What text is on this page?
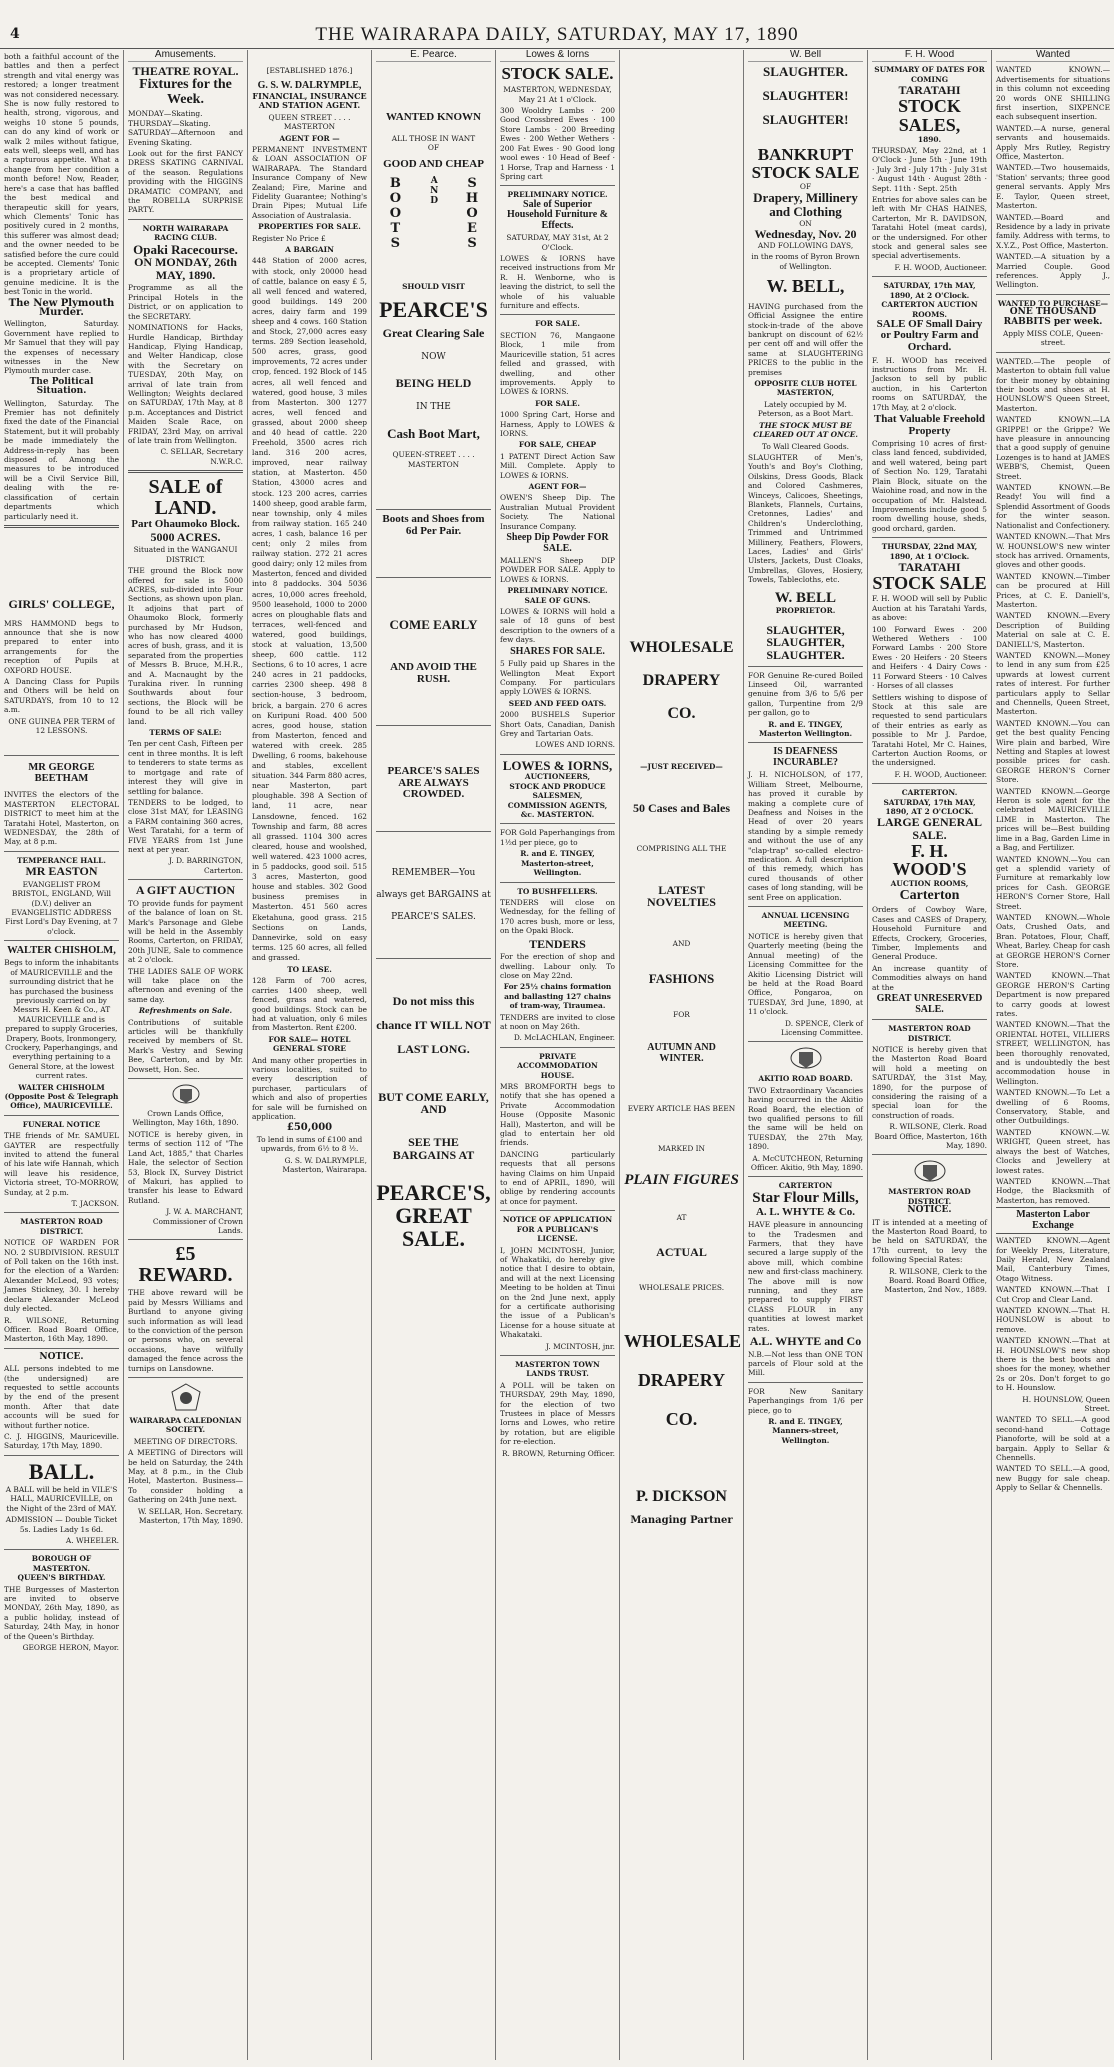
4	THE WAIRARAPA DAILY, SATURDAY, MAY 17, 1890

both a faithful account of the battles and then a perfect strength and vital energy was restored; a longer treatment was not considered necessary. She is now fully restored to health, strong, vigorous, and weighs 10 stone 5 pounds, can do any kind of work or walk 2 miles without fatigue, eats well, sleeps well, and has a rapturous appetite. What a change from her condition a month before! Now, Reader, here's a case that has baffled the best medical and therapeutic skill for years, which Clements' Tonic has positively cured in 2 months, this sufferer was almost dead; and the owner needed to be satisfied before the cure could be accepted. Clements' Tonic is a proprietary article of genuine medicine. It is the best Tonic in the world.

The New Plymouth Murder.

Wellington, Saturday. Government have replied to Mr Samuel that they will pay the expenses of necessary witnesses in the New Plymouth murder case.

The Political Situation.

Wellington, Saturday. The Premier has not definitely fixed the date of the Financial Statement, but it will probably be made immediately the Address-in-reply has been disposed of. Among the measures to be introduced will be a Civil Service Bill, dealing with the re-classification of certain departments which particularly need it.

GIRLS' COLLEGE,

MRS HAMMOND begs to announce that she is now prepared to enter into arrangements for the reception of Pupils at OXFORD HOUSE.

A Dancing Class for Pupils and Others will be held on SATURDAYS, from 10 to 12 a.m.

ONE GUINEA PER TERM of 12 LESSONS.

MR GEORGE BEETHAM

INVITES the electors of the MASTERTON ELECTORAL DISTRICT to meet him at the Taratahi Hotel, Masterton, on WEDNESDAY, the 28th of May, at 8 p.m.

TEMPERANCE HALL.
MR EASTON

EVANGELIST FROM BRISTOL, ENGLAND, Will (D.V.) deliver an EVANGELISTIC ADDRESS First Lord's Day Evening, at 7 o'clock.

WALTER CHISHOLM,

Begs to inform the inhabitants of MAURICEVILLE and the surrounding district that he has purchased the business previously carried on by Messrs H. Keen & Co., AT MAURICEVILLE and is prepared to supply Groceries, Drapery, Boots, Ironmongery, Crockery, Paperhangings, and everything pertaining to a General Store, at the lowest current rates.

WALTER CHISHOLM (Opposite Post & Telegraph Office), MAURICEVILLE.

FUNERAL NOTICE

THE friends of Mr. SAMUEL GAYTER are respectfully invited to attend the funeral of his late wife Hannah, which will leave his residence, Victoria street, TO-MORROW, Sunday, at 2 p.m.

T. JACKSON.

MASTERTON ROAD DISTRICT.

NOTICE OF WARDEN FOR NO. 2 SUBDIVISION. RESULT of Poll taken on the 16th inst. for the election of a Warden: Alexander McLeod, 93 votes; James Stickney, 30. I hereby declare Alexander McLeod duly elected.

R. WILSONE, Returning Officer. Road Board Office, Masterton, 16th May, 1890.

NOTICE.

ALL persons indebted to me (the undersigned) are requested to settle accounts by the end of the present month. After that date accounts will be sued for without further notice.

C. J. HIGGINS, Mauriceville. Saturday, 17th May, 1890.

BALL.

A BALL will be held in VILE'S HALL, MAURICEVILLE, on the Night of the 23rd of MAY.

ADMISSION — Double Ticket 5s. Ladies Lady 1s 6d.

A. WHEELER.

BOROUGH OF MASTERTON.
QUEEN'S BIRTHDAY.

THE Burgesses of Masterton are invited to observe MONDAY, 26th May, 1890, as a public holiday, instead of Saturday, 24th May, in honor of the Queen's Birthday.

GEORGE HERON, Mayor.

Amusements.
THEATRE ROYAL.
Fixtures for the Week.

MONDAY—Skating. THURSDAY—Skating. SATURDAY—Afternoon and Evening Skating.

Look out for the first FANCY DRESS SKATING CARNIVAL of the season. Regulations providing with the HIGGINS DRAMATIC COMPANY, and the ROBELLA SURPRISE PARTY.

NORTH WAIRARAPA RACING CLUB.
Opaki Racecourse.
ON MONDAY, 26th MAY, 1890.

Programme as all the Principal Hotels in the District, or on application to the SECRETARY.

NOMINATIONS for Hacks, Hurdle Handicap, Birthday Handicap, Flying Handicap, and Welter Handicap, close with the Secretary on TUESDAY, 20th May, on arrival of late train from Wellington; Weights declared on SATURDAY, 17th May, at 8 p.m. Acceptances and District Maiden Scale Race, on FRIDAY, 23rd May, on arrival of late train from Wellington.

C. SELLAR, Secretary N.W.R.C.

SALE of LAND.
Part Ohaumoko Block.
5000 ACRES.

Situated in the WANGANUI DISTRICT.

THE ground the Block now offered for sale is 5000 ACRES, sub-divided into Four Sections, as shown upon plan. It adjoins that part of Ohaumoko Block, formerly purchased by Mr Hudson, who has now cleared 4000 acres of bush, grass, and it is separated from the properties of Messrs B. Bruce, M.H.R., and A. Macnaught by the Turakina river. In running Southwards about four sections, the Block will be found to be all rich valley land.

TERMS OF SALE:

Ten per cent Cash, Fifteen per cent in three months. It is left to tenderers to state terms as to mortgage and rate of interest they will give in settling for balance.

TENDERS to be lodged, to close 31st MAY, for LEASING a FARM containing 360 acres, West Taratahi, for a term of FIVE YEARS from 1st June next at per year.

J. D. BARRINGTON, Carterton.

A GIFT AUCTION

TO provide funds for payment of the balance of loan on St. Mark's Parsonage and Glebe will be held in the Assembly Rooms, Carterton, on FRIDAY, 20th JUNE, Sale to commence at 2 o'clock.

THE LADIES SALE OF WORK will take place on the afternoon and evening of the same day.

Refreshments on Sale.

Contributions of suitable articles will be thankfully received by members of St. Mark's Vestry and Sewing Bee, Carterton, and by Mr. Dowsett, Hon. Sec.

Crown Lands Office, Wellington, May 16th, 1890.

NOTICE is hereby given, in terms of section 112 of "The Land Act, 1885," that Charles Hale, the selector of Section 53, Block IX, Survey District of Makuri, has applied to transfer his lease to Edward Rutland.

J. W. A. MARCHANT, Commissioner of Crown Lands.

£5 REWARD.

THE above reward will be paid by Messrs Williams and Burtland to anyone giving such information as will lead to the conviction of the person or persons who, on several occasions, have wilfully damaged the fence across the turnips on Lansdowne.

WAIRARAPA CALEDONIAN SOCIETY.

MEETING OF DIRECTORS.

A MEETING of Directors will be held on Saturday, the 24th May, at 8 p.m., in the Club Hotel, Masterton. Business—To consider holding a Gathering on 24th June next.

W. SELLAR, Hon. Secretary. Masterton, 17th May, 1890.

[ESTABLISHED 1876.]
G. S. W. DALRYMPLE,
FINANCIAL, INSURANCE AND STATION AGENT.

QUEEN STREET . . . . MASTERTON

AGENT FOR —

PERMANENT INVESTMENT & LOAN ASSOCIATION OF WAIRARAPA. The Standard Insurance Company of New Zealand; Fire, Marine and Fidelity Guarantee; Nothing's Drain Pipes; Mutual Life Association of Australasia.

PROPERTIES FOR SALE.

Register No Price £

A BARGAIN

448 Station of 2000 acres, with stock, only 20000 head of cattle, balance on easy £ 5, all well fenced and watered, good buildings. 149 200 acres, dairy farm and 199 sheep and 4 cows. 160 Station and Stock, 27,000 acres easy terms. 289 Section leasehold, 500 acres, grass, good improvements, 72 acres under crop, fenced. 192 Block of 145 acres, all well fenced and watered, good house, 3 miles from Masterton. 300 1277 acres, well fenced and grassed, about 2000 sheep and 40 head of cattle. 220 Freehold, 3500 acres rich land. 316 200 acres, improved, near railway station, at Masterton. 450 Station, 43000 acres and stock. 123 200 acres, carries 1400 sheep, good arable farm, near township, only 4 miles from railway station. 165 240 acres, 1 cash, balance 16 per cent; only 2 miles from railway station. 272 21 acres good dairy; only 12 miles from Masterton, fenced and divided into 8 paddocks. 304 5036 acres, 10,000 acres freehold, 9500 leasehold, 1000 to 2000 acres on ploughable flats and terraces, well-fenced and watered, good buildings, stock at valuation, 13,500 sheep, 600 cattle. 112 Sections, 6 to 10 acres, 1 acre 240 acres in 21 paddocks, carries 2300 sheep. 498 8 section-house, 3 bedroom, brick, a bargain. 270 6 acres on Kuripuni Road. 400 500 acres, good house, station from Masterton, fenced and watered with creek. 285 Dwelling, 6 rooms, bakehouse and stables, excellent situation. 344 Farm 880 acres, near Masterton, part ploughable. 398 A Section of land, 11 acre, near Lansdowne, fenced. 162 Township and farm, 88 acres all grassed. 1104 300 acres cleared, house and woolshed, well watered. 423 1000 acres, in 5 paddocks, good soil. 515 3 acres, Masterton, good house and stables. 302 Good business premises in Masterton. 451 560 acres Eketahuna, good grass. 215 Sections on Lands, Dannevirke, sold on easy terms. 125 60 acres, all felled and grassed.

TO LEASE.

128 Farm of 700 acres, carries 1400 sheep, well fenced, grass and watered, good buildings. Stock can be had at valuation, only 6 miles from Masterton. Rent £200.

FOR SALE— HOTEL GENERAL STORE

And many other properties in various localities, suited to every description of purchaser, particulars of which and also of properties for sale will be furnished on application.

£50,000

To lend in sums of £100 and upwards, from 6½ to 8 ½.

G. S. W. DALRYMPLE, Masterton, Wairarapa.

E. Pearce.
WANTED KNOWN
ALL THOSE IN WANT
OF
GOOD AND CHEAP
BOOTS	AND SHOES
SHOULD VISIT
PEARCE'S
Great Clearing Sale
NOW
BEING HELD
IN THE
Cash Boot Mart,

QUEEN-STREET . . . . MASTERTON

Boots and Shoes from 6d Per Pair.
COME EARLY
AND AVOID THE RUSH.
PEARCE'S SALES ARE ALWAYS CROWDED.
REMEMBER—You always get BARGAINS at PEARCE'S SALES.
Do not miss this chance IT WILL NOT LAST LONG.
BUT COME EARLY, AND
SEE THE BARGAINS AT
PEARCE'S, GREAT SALE.
Lowes & Iorns
STOCK SALE.

MASTERTON, WEDNESDAY, May 21 At 1 o'Clock.

300 Wooldry Lambs · 200 Good Crossbred Ewes · 100 Store Lambs · 200 Breeding Ewes · 200 Wether Wethers · 200 Fat Ewes · 90 Good long wool ewes · 10 Head of Beef · 1 Horse, Trap and Harness · 1 Spring cart

PRELIMINARY NOTICE.
Sale of Superior Household Furniture & Effects.

SATURDAY, MAY 31st, At 2 O'Clock.

LOWES & IORNS have received instructions from Mr R. H. Wenborne, who is leaving the district, to sell the whole of his valuable furniture and effects.

FOR SALE.

SECTION 76, Mangaone Block, 1 mile from Mauriceville station, 51 acres felled and grassed, with dwelling, and other improvements. Apply to LOWES & IORNS.

FOR SALE.

1000 Spring Cart, Horse and Harness, Apply to LOWES & IORNS.

FOR SALE, CHEAP

1 PATENT Direct Action Saw Mill. Complete. Apply to LOWES & IORNS.

AGENT FOR—

OWEN'S Sheep Dip. The Australian Mutual Provident Society. The National Insurance Company.

Sheep Dip Powder FOR SALE.

MALLEN'S Sheep DIP POWDER FOR SALE. Apply to LOWES & IORNS.

PRELIMINARY NOTICE.
SALE OF GUNS.

LOWES & IORNS will hold a sale of 18 guns of best description to the owners of a few days.

SHARES FOR SALE.

5 Fully paid up Shares in the Wellington Meat Export Company. For particulars apply LOWES & IORNS.

SEED AND FEED OATS.

2000 BUSHELS Superior Short Oats, Canadian, Danish Grey and Tartarian Oats.

LOWES AND IORNS.

LOWES & IORNS,
AUCTIONEERS,
STOCK AND PRODUCE SALESMEN,
COMMISSION AGENTS, &c. MASTERTON.

FOR Gold Paperhangings from 1½d per piece, go to

R. and E. TINGEY, Masterton-street, Wellington.

TO BUSHFELLERS.

TENDERS will close on Wednesday, for the felling of 170 acres bush, more or less, on the Opaki Block.

TENDERS

For the erection of shop and dwelling. Labour only. To close on May 22nd.

For 25½ chains formation and ballasting 127 chains of tram-way, Tiraumea.

TENDERS are invited to close at noon on May 26th.

D. McLACHLAN, Engineer.

PRIVATE ACCOMMODATION HOUSE.

MRS BROMFORTH begs to notify that she has opened a Private Accommodation House (Opposite Masonic Hall), Masterton, and will be glad to entertain her old friends.

DANCING particularly requests that all persons having Claims on him Unpaid to end of APRIL, 1890, will oblige by rendering accounts at once for payment.

NOTICE OF APPLICATION FOR A PUBLICAN'S LICENSE.

I, JOHN MCINTOSH, Junior, of Whakatiki, do hereby give notice that I desire to obtain, and will at the next Licensing Meeting to be holden at Tinui on the 2nd June next, apply for a certificate authorising the issue of a Publican's License for a house situate at Whakataki.

J. MCINTOSH, jnr.

MASTERTON TOWN LANDS TRUST.

A POLL will be taken on THURSDAY, 29th May, 1890, for the election of two Trustees in place of Messrs Iorns and Lowes, who retire by rotation, but are eligible for re-election.

R. BROWN, Returning Officer.

WHOLESALE
DRAPERY
CO.
—JUST RECEIVED—
50 Cases and Bales
COMPRISING ALL THE
LATEST NOVELTIES
AND
FASHIONS
FOR
AUTUMN AND WINTER.
EVERY ARTICLE HAS BEEN
MARKED IN
PLAIN FIGURES
AT
ACTUAL
WHOLESALE PRICES.
WHOLESALE
DRAPERY
CO.
P. DICKSON
Managing Partner
W. Bell
SLAUGHTER.
SLAUGHTER!
SLAUGHTER!
BANKRUPT STOCK SALE
OF
Drapery, Millinery and Clothing
ON
Wednesday, Nov. 20
AND FOLLOWING DAYS,

in the rooms of Byron Brown of Wellington.

W. BELL,

HAVING purchased from the Official Assignee the entire stock-in-trade of the above bankrupt on discount of 62½ per cent off and will offer the same at SLAUGHTERING PRICES to the public in the premises

OPPOSITE CLUB HOTEL MASTERTON,

Lately occupied by M. Peterson, as a Boot Mart.

THE STOCK MUST BE CLEARED OUT AT ONCE.

To Wall Cleared Goods.

SLAUGHTER of Men's, Youth's and Boy's Clothing, Oilskins, Dress Goods, Black and Colored Cashmeres, Winceys, Calicoes, Sheetings, Blankets, Flannels, Curtains, Cretonnes, Ladies' and Children's Underclothing, Trimmed and Untrimmed Millinery, Feathers, Flowers, Laces, Ladies' and Girls' Ulsters, Jackets, Dust Cloaks, Umbrellas, Gloves, Hosiery, Towels, Tablecloths, etc.

W. BELL
PROPRIETOR.
SLAUGHTER,
SLAUGHTER,
SLAUGHTER.

FOR Genuine Re-cured Boiled Linseed Oil, warranted genuine from 3/6 to 5/6 per gallon, Turpentine from 2/9 per gallon, go to

R. and E. TINGEY, Masterton Wellington.

IS DEAFNESS INCURABLE?

J. H. NICHOLSON, of 177, William Street, Melbourne, has proved it curable by making a complete cure of Deafness and Noises in the Head of over 20 years standing by a simple remedy and without the use of any "clap-trap" so-called electro-medication. A full description of this remedy, which has cured thousands of other cases of long standing, will be sent Free on application.

ANNUAL LICENSING MEETING.

NOTICE is hereby given that Quarterly meeting (being the Annual meeting) of the Licensing Committee for the Akitio Licensing District will be held at the Road Board Office, Pongaroa, on TUESDAY, 3rd June, 1890, at 11 o'clock.

D. SPENCE, Clerk of Licensing Committee.

AKITIO ROAD BOARD.

TWO Extraordinary Vacancies having occurred in the Akitio Road Board, the election of two qualified persons to fill the same will be held on TUESDAY, the 27th May, 1890.

A. McCUTCHEON, Returning Officer. Akitio, 9th May, 1890.

CARTERTON
Star Flour Mills,
A. L. WHYTE & Co.

HAVE pleasure in announcing to the Tradesmen and Farmers, that they have secured a large supply of the above mill, which combine new and first-class machinery. The above mill is now running, and they are prepared to supply FIRST CLASS FLOUR in any quantities at lowest market rates.

A.L. WHYTE and Co

N.B.—Not less than ONE TON parcels of Flour sold at the Mill.

FOR New Sanitary Paperhangings from 1/6 per piece, go to

R. and E. TINGEY, Manners-street, Wellington.

F. H. Wood
SUMMARY OF DATES FOR COMING
TARATAHI
STOCK SALES,
1890.

THURSDAY, May 22nd, at 1 O'Clock · June 5th · June 19th · July 3rd · July 17th · July 31st · August 14th · August 28th · Sept. 11th · Sept. 25th

Entries for above sales can be left with Mr CHAS HAINES, Carterton, Mr R. DAVIDSON, Taratahi Hotel (meat cards), or the undersigned. For other stock and general sales see special advertisements.

F. H. WOOD, Auctioneer.

SATURDAY, 17th MAY, 1890, At 2 O'Clock.
CARTERTON AUCTION ROOMS.
SALE OF Small Dairy or Poultry Farm and Orchard.

F. H. WOOD has received instructions from Mr. H. Jackson to sell by public auction, in his Carterton rooms on SATURDAY, the 17th May, at 2 o'clock.

That Valuable Freehold Property

Comprising 10 acres of first-class land fenced, subdivided, and well watered, being part of Section No. 129, Taratahi Plain Block, situate on the Waiohine road, and now in the occupation of Mr. Halstead. Improvements include good 5 room dwelling house, sheds, good orchard, garden.

THURSDAY, 22nd MAY, 1890, At 1 O'Clock.
TARATAHI
STOCK SALE

F. H. WOOD will sell by Public Auction at his Taratahi Yards, as above:

100 Forward Ewes · 200 Wethered Wethers · 100 Forward Lambs · 200 Store Ewes · 20 Heifers · 20 Steers and Heifers · 4 Dairy Cows · 11 Forward Steers · 10 Calves · Horses of all classes

Settlers wishing to dispose of Stock at this sale are requested to send particulars of their entries as early as possible to Mr J. Pardoe, Taratahi Hotel, Mr C. Haines, Carterton Auction Rooms, or the undersigned.

F. H. WOOD, Auctioneer.

CARTERTON.
SATURDAY, 17th MAY, 1890, AT 2 O'CLOCK.
LARGE GENERAL SALE.
F. H. WOOD'S
AUCTION ROOMS,
Carterton

Orders of Cowboy Ware, Cases and CASES of Drapery, Household Furniture and Effects, Crockery, Groceries, Timber, Implements and General Produce.

An increase quantity of Commodities always on hand at the

GREAT UNRESERVED SALE.
MASTERTON ROAD DISTRICT.

NOTICE is hereby given that the Masterton Road Board will hold a meeting on SATURDAY, the 31st May, 1890, for the purpose of considering the raising of a special loan for the construction of roads.

R. WILSONE, Clerk. Road Board Office, Masterton, 16th May, 1890.

MASTERTON ROAD DISTRICT.
NOTICE.

IT is intended at a meeting of the Masterton Road Board, to be held on SATURDAY, the 17th current, to levy the following Special Rates:

R. WILSONE, Clerk to the Board. Road Board Office, Masterton, 2nd Nov., 1889.

Wanted

WANTED KNOWN.—Advertisements for situations in this column not exceeding 20 words ONE SHILLING first insertion, SIXPENCE each subsequent insertion.

WANTED.—A nurse, general servants and housemaids. Apply Mrs Rutley, Registry Office, Masterton.

WANTED.—Two housemaids, 'Station' servants; three good general servants. Apply Mrs E. Taylor, Queen street, Masterton.

WANTED.—Board and Residence by a lady in private family. Address with terms, to X.Y.Z., Post Office, Masterton.

WANTED.—A situation by a Married Couple. Good references. Apply J., Wellington.

WANTED TO PURCHASE—
ONE THOUSAND RABBITS per week.

Apply MISS COLE, Queen-street.

WANTED.—The people of Masterton to obtain full value for their money by obtaining their boots and shoes at H. HOUNSLOW'S Queen Street, Masterton.

WANTED KNOWN.—LA GRIPPE! or the Grippe? We have pleasure in announcing that a good supply of genuine Lozenges is to hand at JAMES WEBB'S, Chemist, Queen Street.

WANTED KNOWN.—Be Ready! You will find a Splendid Assortment of Goods for the winter season. Nationalist and Confectionery.

WANTED KNOWN.—That Mrs W. HOUNSLOW'S new winter stock has arrived. Ornaments, gloves and other goods.

WANTED KNOWN.—Timber can be procured at Hill Prices, at C. E. Daniell's, Masterton.

WANTED KNOWN.—Every Description of Building Material on sale at C. E. DANIELL'S, Masterton.

WANTED KNOWN.—Money to lend in any sum from £25 upwards at lowest current rates of interest. For further particulars apply to Sellar and Chennells, Queen Street, Masterton.

WANTED KNOWN.—You can get the best quality Fencing Wire plain and barbed, Wire Netting and Staples at lowest possible prices for cash. GEORGE HERON'S Corner Store.

WANTED KNOWN.—George Heron is sole agent for the celebrated MAURICEVILLE LIME in Masterton. The prices will be—Best building lime in a Bag, Garden Lime in a Bag, and Fertilizer.

WANTED KNOWN.—You can get a splendid variety of Furniture at remarkably low prices for Cash. GEORGE HERON'S Corner Store, Hall Street.

WANTED KNOWN.—Whole Oats, Crushed Oats, and Bran. Potatoes, Flour, Chaff, Wheat, Barley. Cheap for cash at GEORGE HERON'S Corner Store.

WANTED KNOWN.—That GEORGE HERON'S Carting Department is now prepared to carry goods at lowest rates.

WANTED KNOWN.—That the ORIENTAL HOTEL, VILLIERS STREET, WELLINGTON, has been thoroughly renovated, and is undoubtedly the best accommodation house in Wellington.

WANTED KNOWN.—To Let a dwelling of 6 Rooms, Conservatory, Stable, and other Outbuildings.

WANTED KNOWN.—W. WRIGHT, Queen street, has always the best of Watches, Clocks and Jewellery at lowest rates.

WANTED KNOWN.—That Hodge, the Blacksmith of Masterton, has removed.

Masterton Labor Exchange

WANTED KNOWN.—Agent for Weekly Press, Literature, Daily Herald, New Zealand Mail, Canterbury Times, Otago Witness.

WANTED KNOWN.—That I Cut Crop and Clear Land.

WANTED KNOWN.—That H. HOUNSLOW is about to remove.

WANTED KNOWN.—That at H. HOUNSLOW'S new shop there is the best boots and shoes for the money, whether 2s or 20s. Don't forget to go to H. Hounslow.

H. HOUNSLOW, Queen Street.

WANTED TO SELL.—A good second-hand Cottage Pianoforte, will be sold at a bargain. Apply to Sellar & Chennells.

WANTED TO SELL.—A good, new Buggy for sale cheap. Apply to Sellar & Chennells.
